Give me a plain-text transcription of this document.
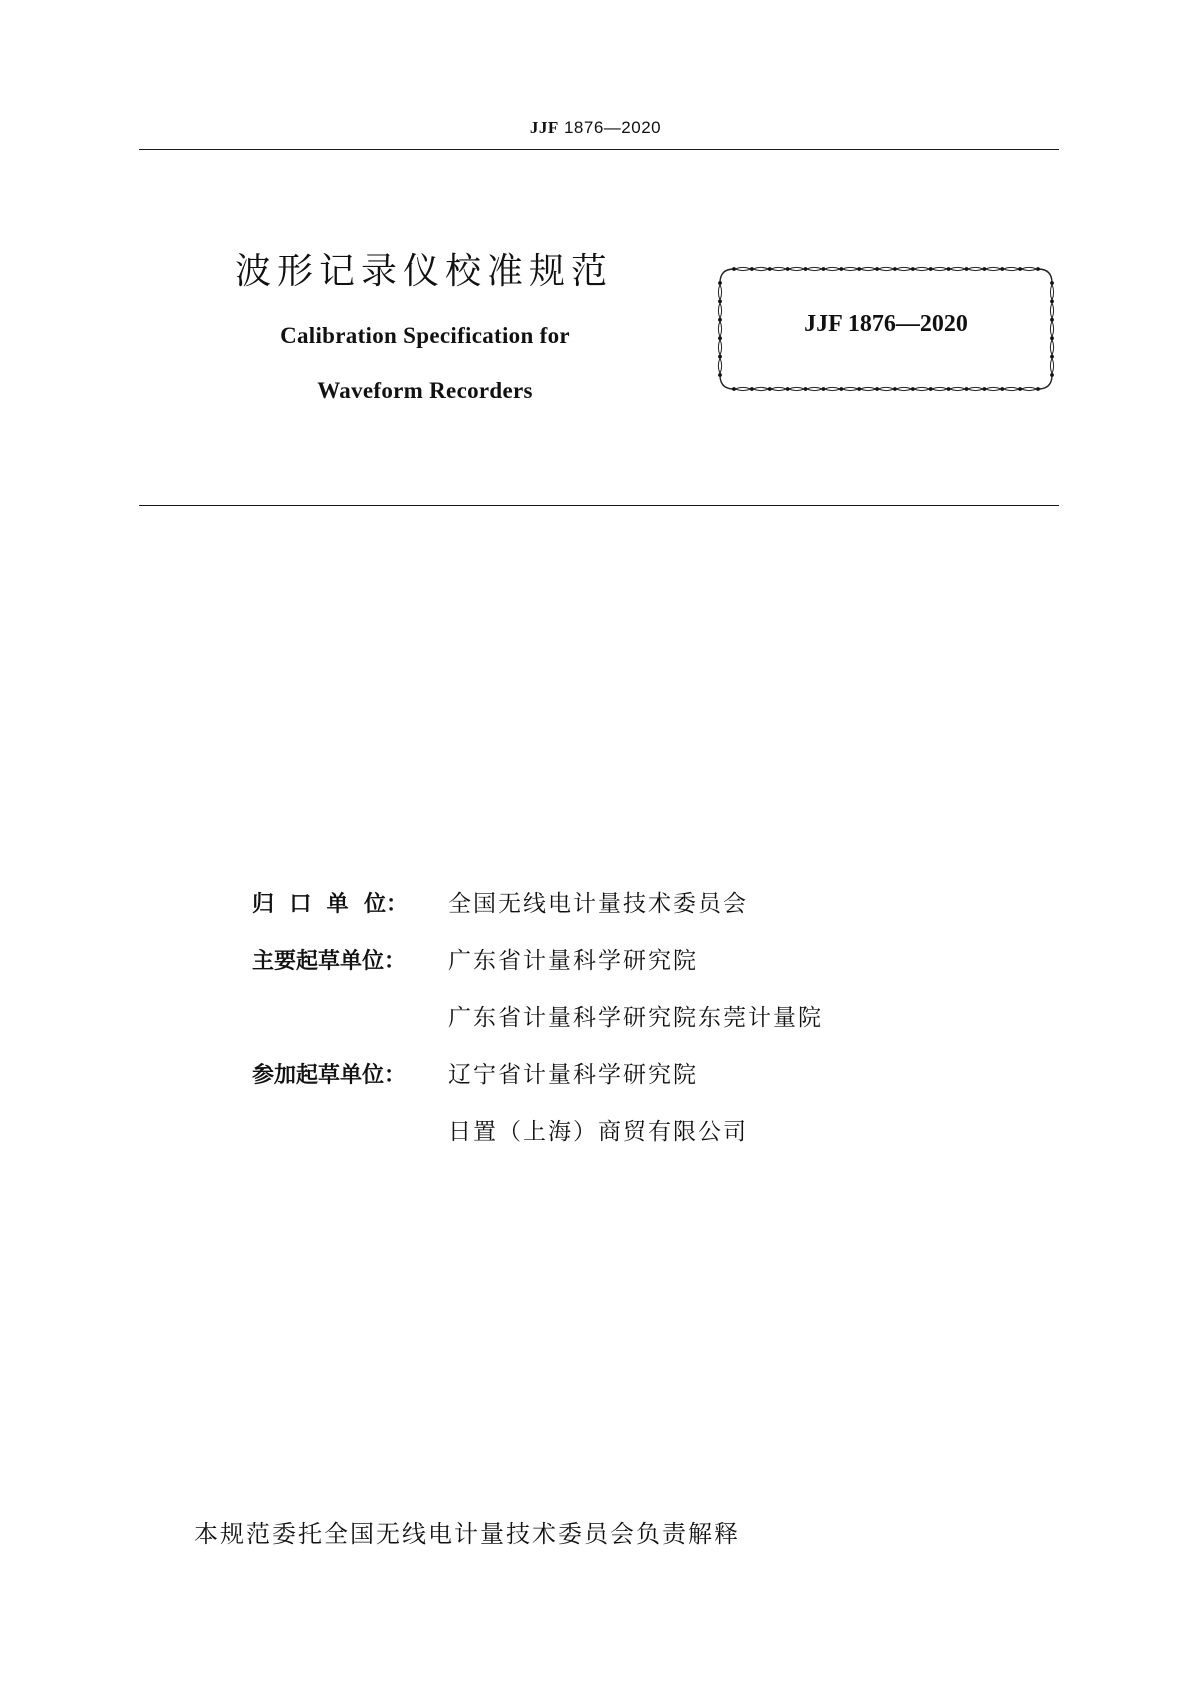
JJF 1876—2020
波形记录仪校准规范
Calibration Specification for
Waveform Recorders
JJF 1876—2020
归  口  单  位：	全国无线电计量技术委员会
主要起草单位：	广东省计量科学研究院
广东省计量科学研究院东莞计量院
参加起草单位：	辽宁省计量科学研究院
日置（上海）商贸有限公司
本规范委托全国无线电计量技术委员会负责解释
